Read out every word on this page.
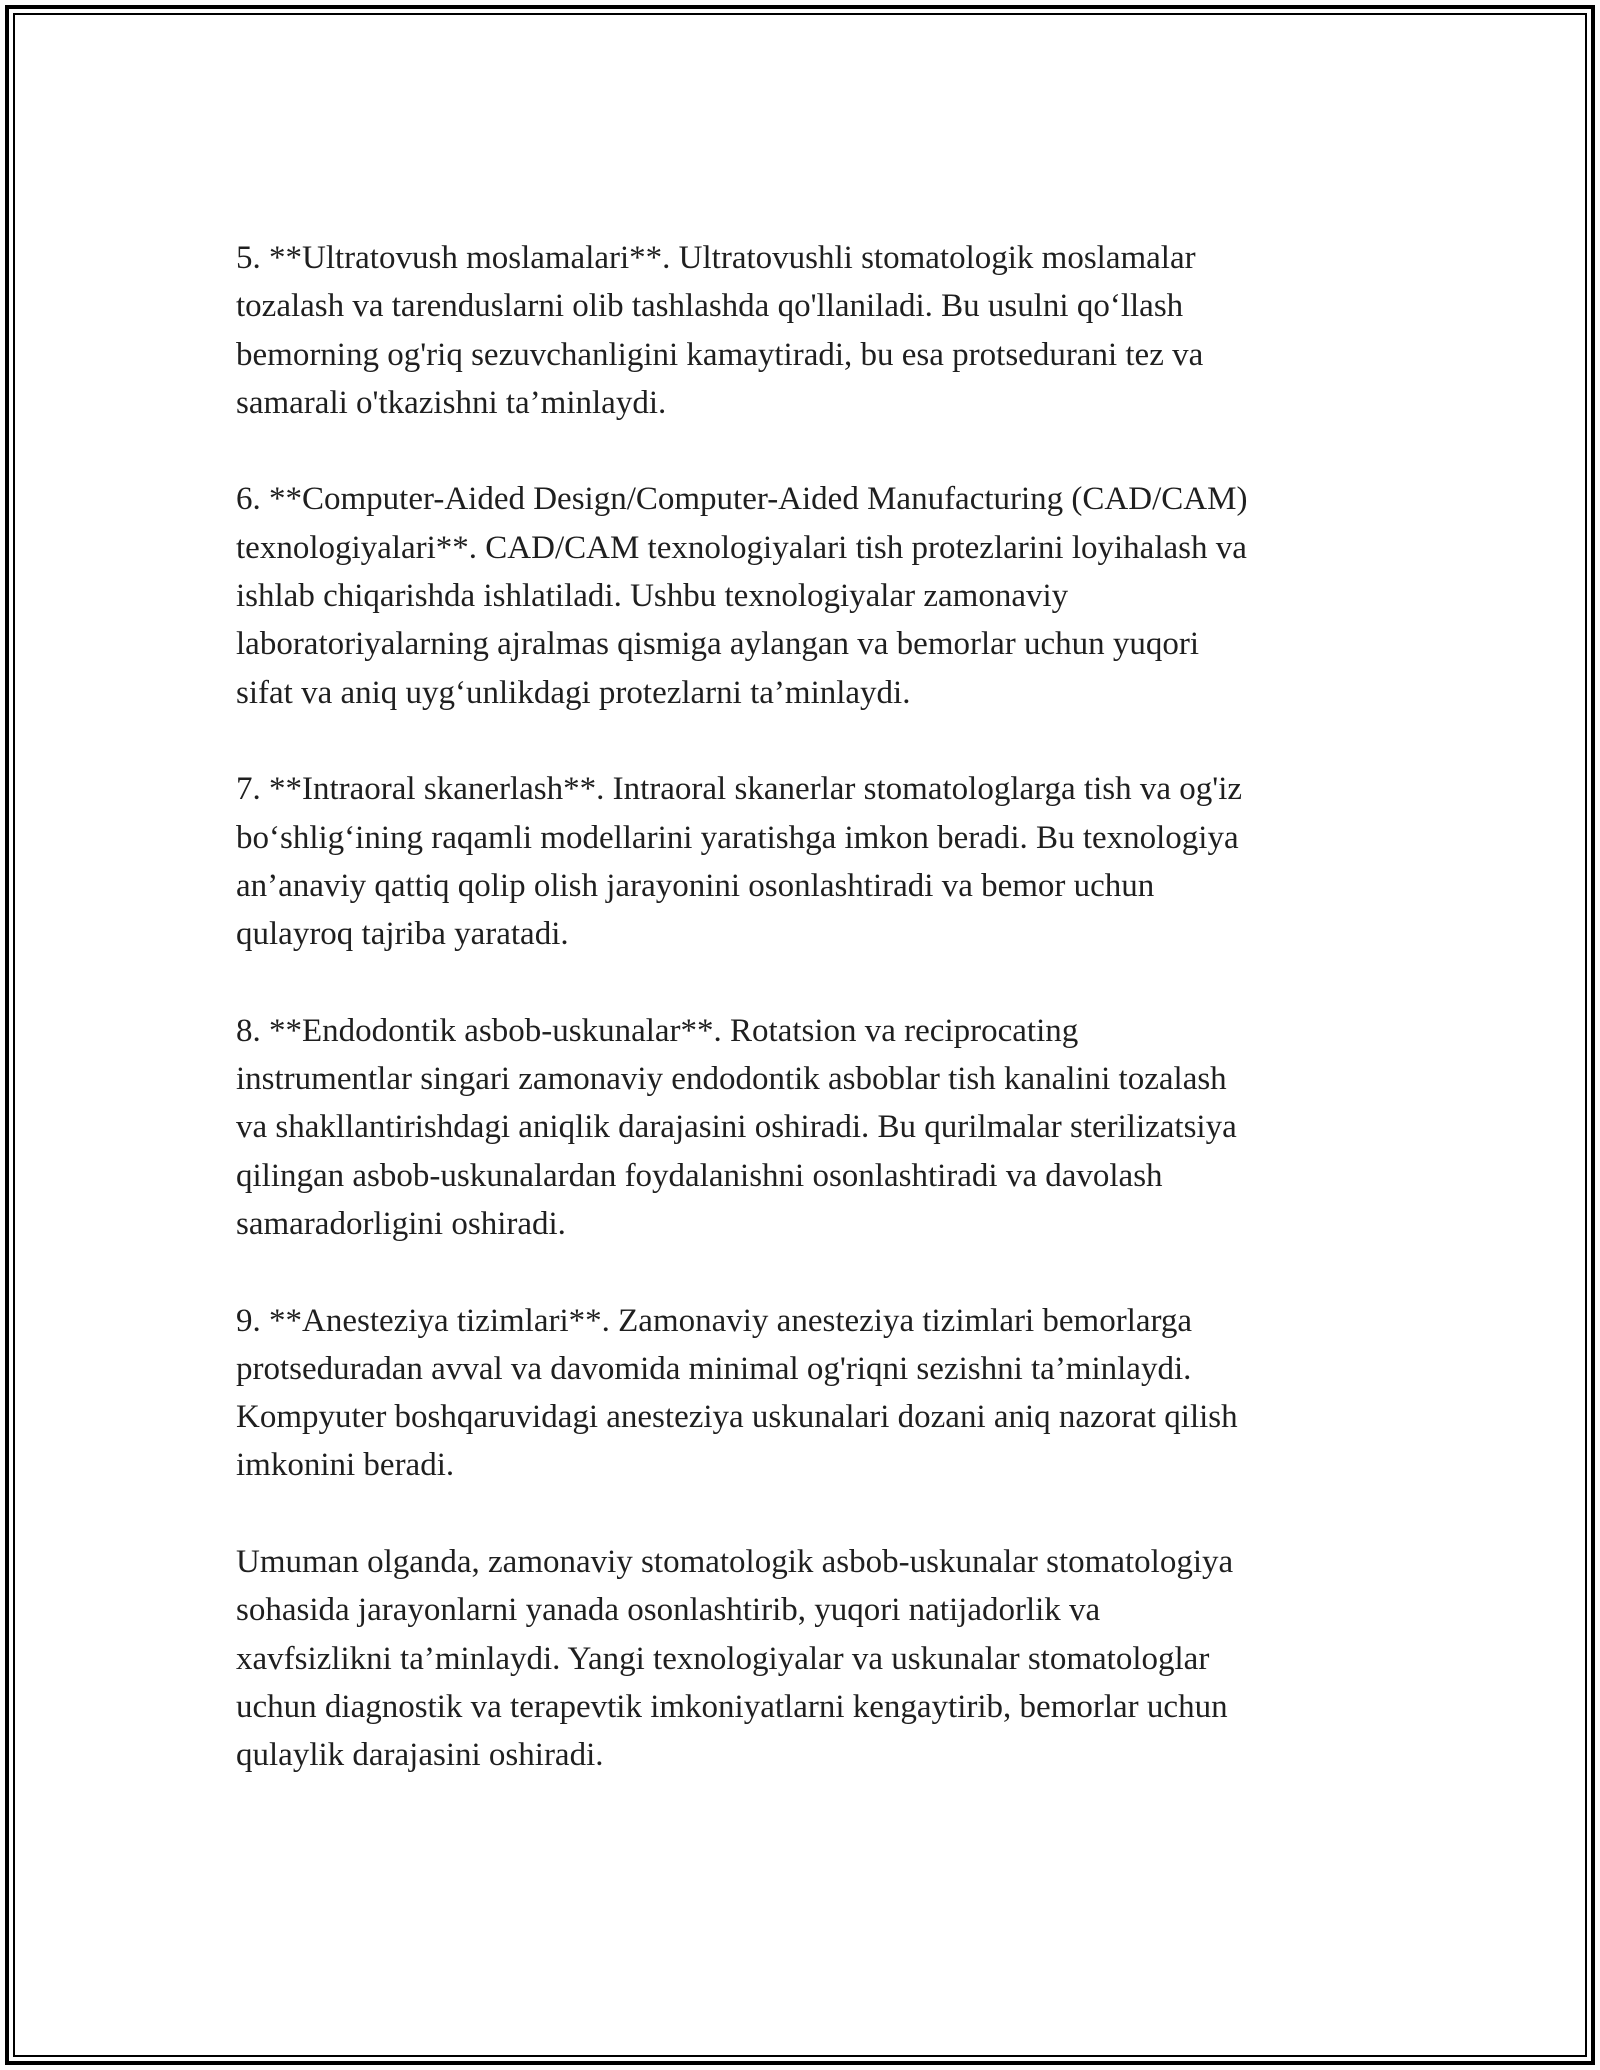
5. **Ultratovush moslamalari**. Ultratovushli stomatologik moslamalar
tozalash va tarenduslarni olib tashlashda qo'llaniladi. Bu usulni qo‘llash
bemorning og'riq sezuvchanligini kamaytiradi, bu esa protsedurani tez va
samarali o'tkazishni ta’minlaydi.

6. **Computer-Aided Design/Computer-Aided Manufacturing (CAD/CAM)
texnologiyalari**. CAD/CAM texnologiyalari tish protezlarini loyihalash va
ishlab chiqarishda ishlatiladi. Ushbu texnologiyalar zamonaviy
laboratoriyalarning ajralmas qismiga aylangan va bemorlar uchun yuqori
sifat va aniq uyg‘unlikdagi protezlarni ta’minlaydi.

7. **Intraoral skanerlash**. Intraoral skanerlar stomatologlarga tish va og'iz
bo‘shlig‘ining raqamli modellarini yaratishga imkon beradi. Bu texnologiya
an’anaviy qattiq qolip olish jarayonini osonlashtiradi va bemor uchun
qulayroq tajriba yaratadi.

8. **Endodontik asbob-uskunalar**. Rotatsion va reciprocating
instrumentlar singari zamonaviy endodontik asboblar tish kanalini tozalash
va shakllantirishdagi aniqlik darajasini oshiradi. Bu qurilmalar sterilizatsiya
qilingan asbob-uskunalardan foydalanishni osonlashtiradi va davolash
samaradorligini oshiradi.

9. **Anesteziya tizimlari**. Zamonaviy anesteziya tizimlari bemorlarga
protseduradan avval va davomida minimal og'riqni sezishni ta’minlaydi.
Kompyuter boshqaruvidagi anesteziya uskunalari dozani aniq nazorat qilish
imkonini beradi.

Umuman olganda, zamonaviy stomatologik asbob-uskunalar stomatologiya
sohasida jarayonlarni yanada osonlashtirib, yuqori natijadorlik va
xavfsizlikni ta’minlaydi. Yangi texnologiyalar va uskunalar stomatologlar
uchun diagnostik va terapevtik imkoniyatlarni kengaytirib, bemorlar uchun
qulaylik darajasini oshiradi.
